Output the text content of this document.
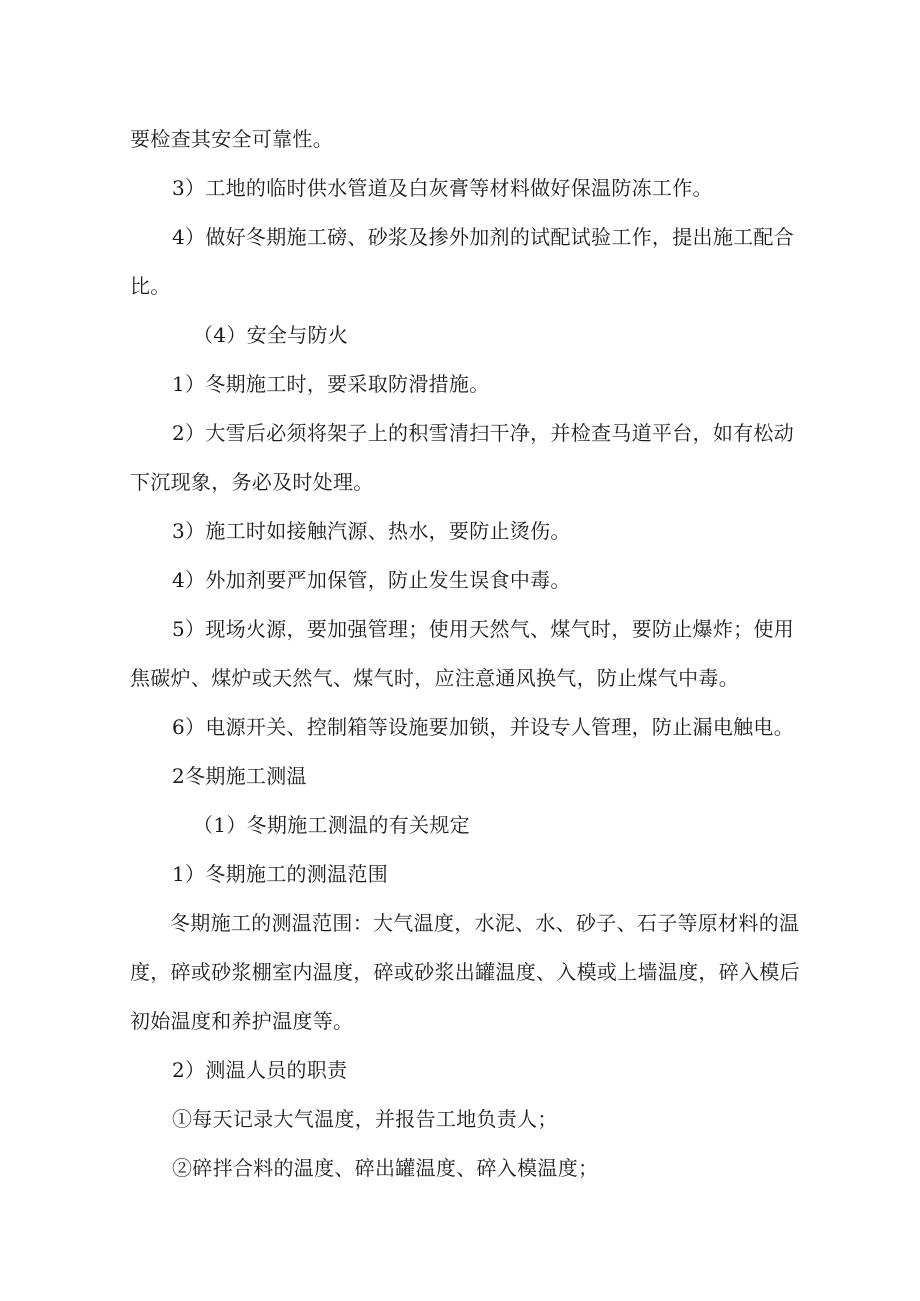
要检查其安全可靠性。
3）工地的临时供水管道及白灰膏等材料做好保温防冻工作。
4）做好冬期施工磅、砂浆及掺外加剂的试配试验工作，提出施工配合
比。
（4）安全与防火
1）冬期施工时，要采取防滑措施。
2）大雪后必须将架子上的积雪清扫干净，并检查马道平台，如有松动
下沉现象，务必及时处理。
3）施工时如接触汽源、热水，要防止烫伤。
4）外加剂要严加保管，防止发生误食中毒。
5）现场火源，要加强管理；使用天然气、煤气时，要防止爆炸；使用
焦碳炉、煤炉或天然气、煤气时，应注意通风换气，防止煤气中毒。
6）电源开关、控制箱等设施要加锁，并设专人管理，防止漏电触电。
2冬期施工测温
（1）冬期施工测温的有关规定
1）冬期施工的测温范围
冬期施工的测温范围：大气温度，水泥、水、砂子、石子等原材料的温
度，碎或砂浆棚室内温度，碎或砂浆出罐温度、入模或上墙温度，碎入模后
初始温度和养护温度等。
2）测温人员的职责
①每天记录大气温度，并报告工地负责人；
②碎拌合料的温度、碎出罐温度、碎入模温度；
